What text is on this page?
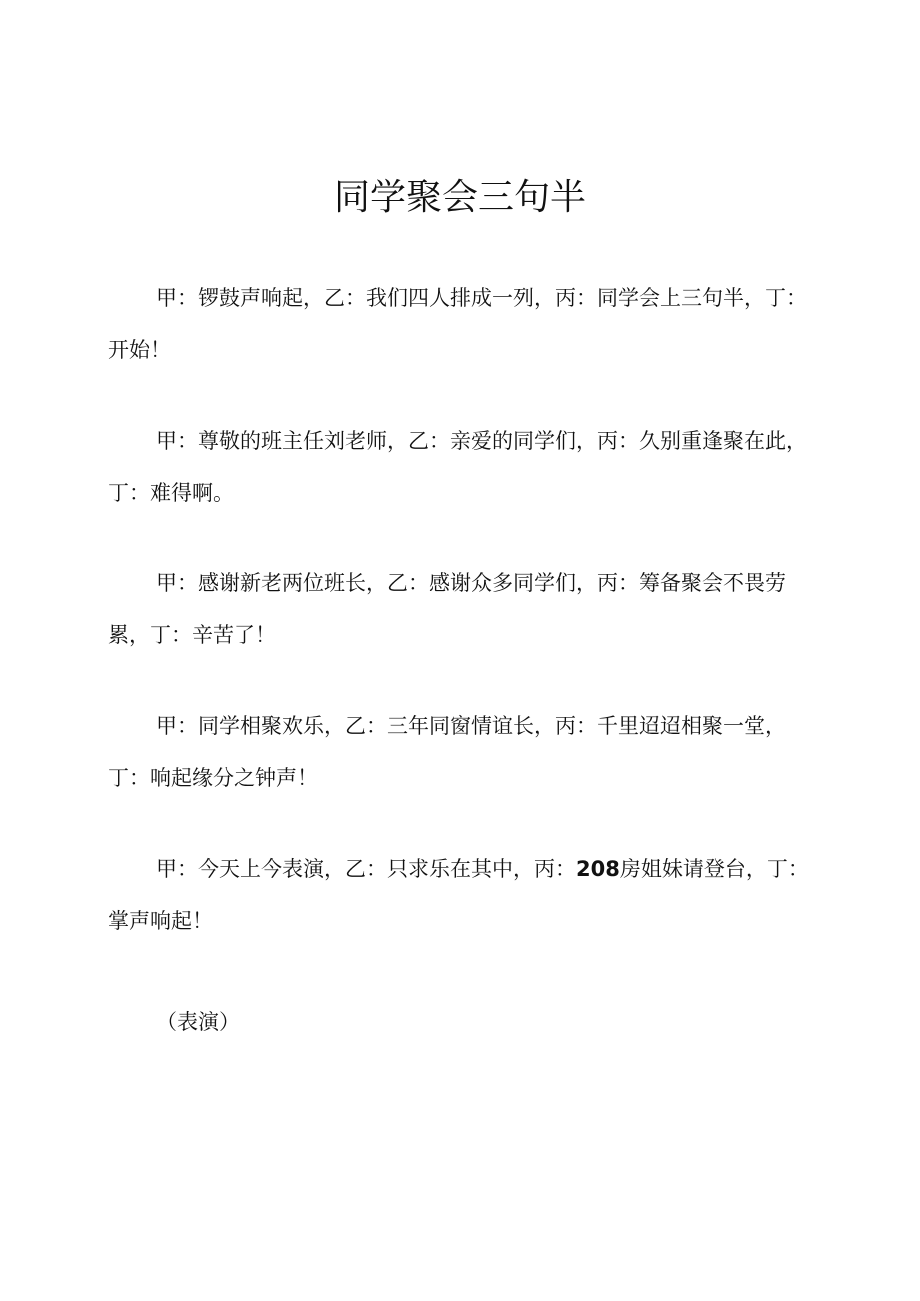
同学聚会三句半

甲：锣鼓声响起，乙：我们四人排成一列，丙：同学会上三句半，丁：开始！

甲：尊敬的班主任刘老师，乙：亲爱的同学们，丙：久别重逢聚在此，丁：难得啊。

甲：感谢新老两位班长，乙：感谢众多同学们，丙：筹备聚会不畏劳累，丁：辛苦了！

甲：同学相聚欢乐，乙：三年同窗情谊长，丙：千里迢迢相聚一堂，丁：响起缘分之钟声！

甲：今天上今表演，乙：只求乐在其中，丙：208房姐妹请登台，丁：掌声响起！

（表演）
